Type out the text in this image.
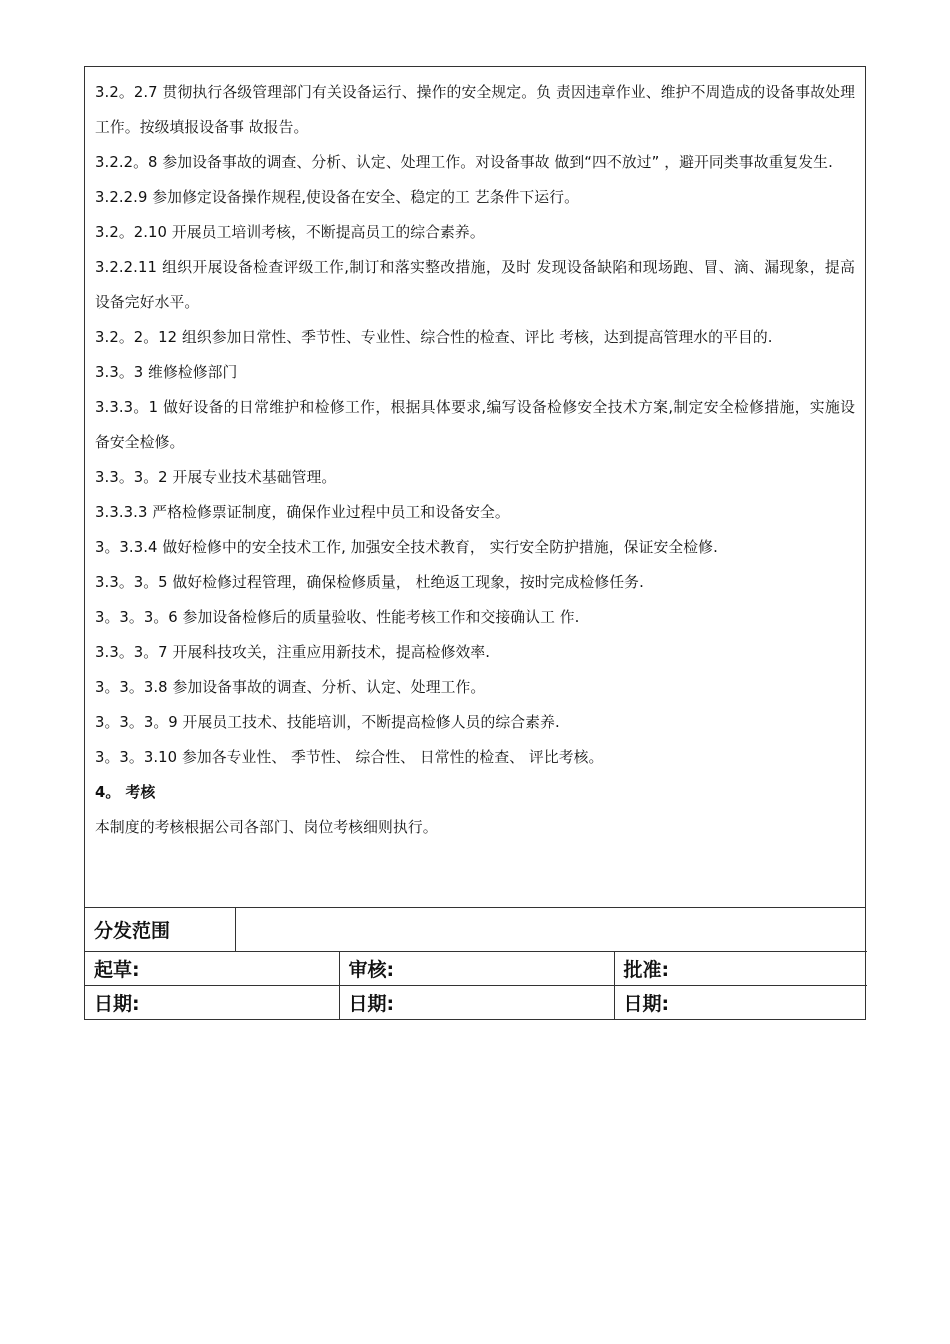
3.2。2.7 贯彻执行各级管理部门有关设备运行、操作的安全规定。负 责因违章作业、维护不周造成的设备事故处理工作。按级填报设备事 故报告。

3.2.2。8 参加设备事故的调查、分析、认定、处理工作。对设备事故 做到“四不放过” ，避开同类事故重复发生.

3.2.2.9 参加修定设备操作规程,使设备在安全、稳定的工 艺条件下运行。

3.2。2.10 开展员工培训考核，不断提高员工的综合素养。

3.2.2.11 组织开展设备检查评级工作,制订和落实整改措施，及时 发现设备缺陷和现场跑、冒、滴、漏现象，提高设备完好水平。

3.2。2。12 组织参加日常性、季节性、专业性、综合性的检查、评比 考核，达到提高管理水的平目的.

3.3。3 维修检修部门

3.3.3。1 做好设备的日常维护和检修工作，根据具体要求,编写设备检修安全技术方案,制定安全检修措施，实施设备安全检修。

3.3。3。2 开展专业技术基础管理。

3.3.3.3 严格检修票证制度，确保作业过程中员工和设备安全。

3。3.3.4 做好检修中的安全技术工作, 加强安全技术教育， 实行安全防护措施，保证安全检修.

3.3。3。5 做好检修过程管理，确保检修质量， 杜绝返工现象，按时完成检修任务.

3。3。3。6 参加设备检修后的质量验收、性能考核工作和交接确认工 作.

3.3。3。7 开展科技攻关，注重应用新技术，提高检修效率.

3。3。3.8 参加设备事故的调查、分析、认定、处理工作。

3。3。3。9 开展员工技术、技能培训，不断提高检修人员的综合素养.

3。3。3.10 参加各专业性、 季节性、 综合性、 日常性的检查、 评比考核。

4。 考核

本制度的考核根据公司各部门、岗位考核细则执行。

分发范围			
起草:		审核:	批准:
日期:		日期:	日期:
